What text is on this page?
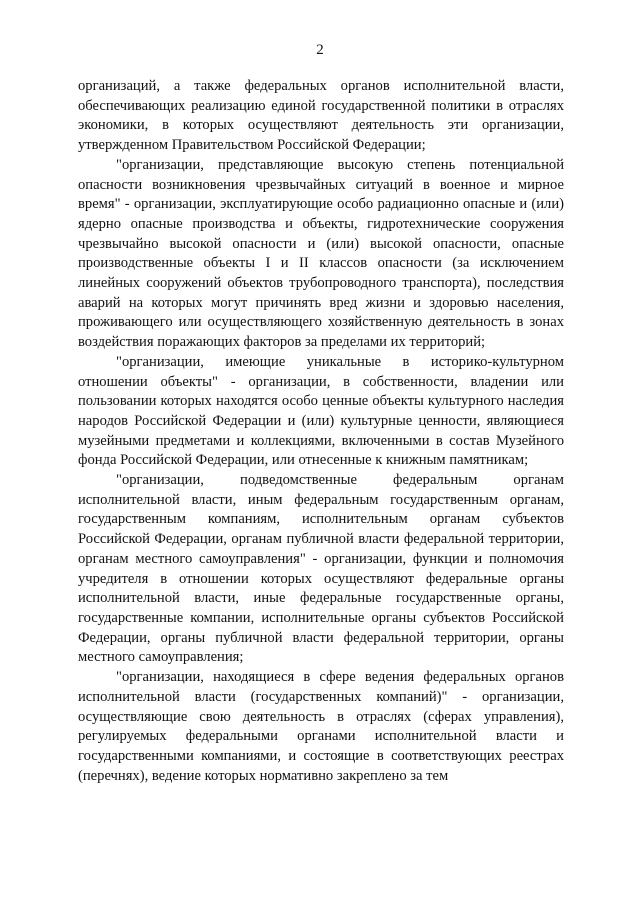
2

организаций, а также федеральных органов исполнительной власти, обеспечивающих реализацию единой государственной политики в отраслях экономики, в которых осуществляют деятельность эти организации, утвержденном Правительством Российской Федерации;

"организации, представляющие высокую степень потенциальной опасности возникновения чрезвычайных ситуаций в военное и мирное время" - организации, эксплуатирующие особо радиационно опасные и (или) ядерно опасные производства и объекты, гидротехнические сооружения чрезвычайно высокой опасности и (или) высокой опасности, опасные производственные объекты I и II классов опасности (за исключением линейных сооружений объектов трубопроводного транспорта), последствия аварий на которых могут причинять вред жизни и здоровью населения, проживающего или осуществляющего хозяйственную деятельность в зонах воздействия поражающих факторов за пределами их территорий;

"организации, имеющие уникальные в историко-культурном отношении объекты" - организации, в собственности, владении или пользовании которых находятся особо ценные объекты культурного наследия народов Российской Федерации и (или) культурные ценности, являющиеся музейными предметами и коллекциями, включенными в состав Музейного фонда Российской Федерации, или отнесенные к книжным памятникам;

"организации, подведомственные федеральным органам исполнительной власти, иным федеральным государственным органам, государственным компаниям, исполнительным органам субъектов Российской Федерации, органам публичной власти федеральной территории, органам местного самоуправления" - организации, функции и полномочия учредителя в отношении которых осуществляют федеральные органы исполнительной власти, иные федеральные государственные органы, государственные компании, исполнительные органы субъектов Российской Федерации, органы публичной власти федеральной территории, органы местного самоуправления;

"организации, находящиеся в сфере ведения федеральных органов исполнительной власти (государственных компаний)" - организации, осуществляющие свою деятельность в отраслях (сферах управления), регулируемых федеральными органами исполнительной власти и государственными компаниями, и состоящие в соответствующих реестрах (перечнях), ведение которых нормативно закреплено за тем
